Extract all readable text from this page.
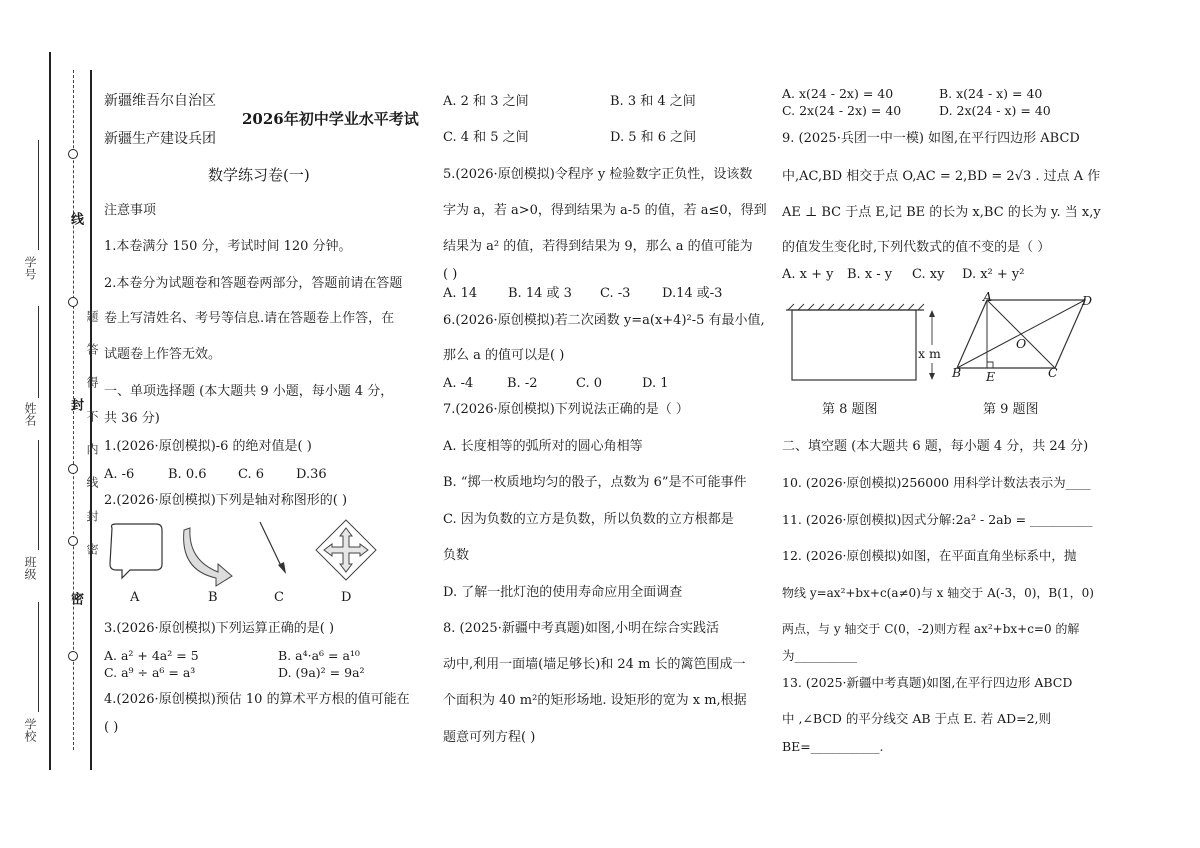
线
封
密
题
答
得
不
内
线
封
密
学号
姓名
班级
学校
新疆维吾尔自治区
2026年初中学业水平考试
新疆生产建设兵团
数学练习卷(一)
注意事项
1.本卷满分 150 分，考试时间 120 分钟。
2.本卷分为试题卷和答题卷两部分，答题前请在答题
卷上写清姓名、考号等信息.请在答题卷上作答，在
试题卷上作答无效。
一、单项选择题 (本大题共 9 小题，每小题 4 分，
共 36 分)
1.(2026·原创模拟)-6 的绝对值是( )
A. -6	B. 0.6 C. 6 D.36
2.(2026·原创模拟)下列是轴对称图形的( )
A	B	C	D
3.(2026·原创模拟)下列运算正确的是( )
A. a² + 4a² = 5	B. a⁴·a⁶ = a¹⁰
C. a⁹ ÷ a⁶ = a³	D. (9a)² = 9a²
4.(2026·原创模拟)预估 10 的算术平方根的值可能在
( )
A. 2 和 3 之间	B. 3 和 4 之间
C. 4 和 5 之间	D. 5 和 6 之间
5.(2026·原创模拟)令程序 y 检验数字正负性，设该数
字为 a，若 a>0，得到结果为 a-5 的值，若 a≤0，得到
结果为 a² 的值，若得到结果为 9，那么 a 的值可能为
( )
A. 14 B. 14 或 3 C. -3 D.14 或-3
6.(2026·原创模拟)若二次函数 y=a(x+4)²-5 有最小值,
那么 a 的值可以是( )
A. -4	B. -2	C. 0	D. 1
7.(2026·原创模拟)下列说法正确的是（ ）
A. 长度相等的弧所对的圆心角相等
B. “掷一枚质地均匀的骰子，点数为 6”是不可能事件
C. 因为负数的立方是负数，所以负数的立方根都是
负数
D. 了解一批灯泡的使用寿命应用全面调查
8. (2025·新疆中考真题)如图,小明在综合实践活
动中,利用一面墙(墙足够长)和 24 m 长的篱笆围成一
个面积为 40 m²的矩形场地. 设矩形的宽为 x m,根据
题意可列方程( )
A. x(24 - 2x) = 40	B. x(24 - x) = 40
C. 2x(24 - 2x) = 40	D. 2x(24 - x) = 40
9. (2025·兵团一中一模) 如图,在平行四边形 ABCD
中,AC,BD 相交于点 O,AC = 2,BD = 2√3 . 过点 A 作
AE ⊥ BC 于点 E,记 BE 的长为 x,BC 的长为 y. 当 x,y
的值发生变化时,下列代数式的值不变的是（ ）
A. x + y B. x - y C. xy D. x² + y²
x m
第 8 题图
A	D
O
B E	C
第 9 题图
二、填空题 (本大题共 6 题，每小题 4 分，共 24 分)
10. (2026·原创模拟)256000 用科学计数法表示为____
11. (2026·原创模拟)因式分解:2a² - 2ab = __________
12. (2026·原创模拟)如图，在平面直角坐标系中，抛
物线 y=ax²+bx+c(a≠0)与 x 轴交于 A(-3，0)，B(1，0)
两点，与 y 轴交于 C(0，-2)则方程 ax²+bx+c=0 的解
为__________
13. (2025·新疆中考真题)如图,在平行四边形 ABCD
中 ,∠BCD 的平分线交 AB 于点 E. 若 AD=2,则
BE=___________.
